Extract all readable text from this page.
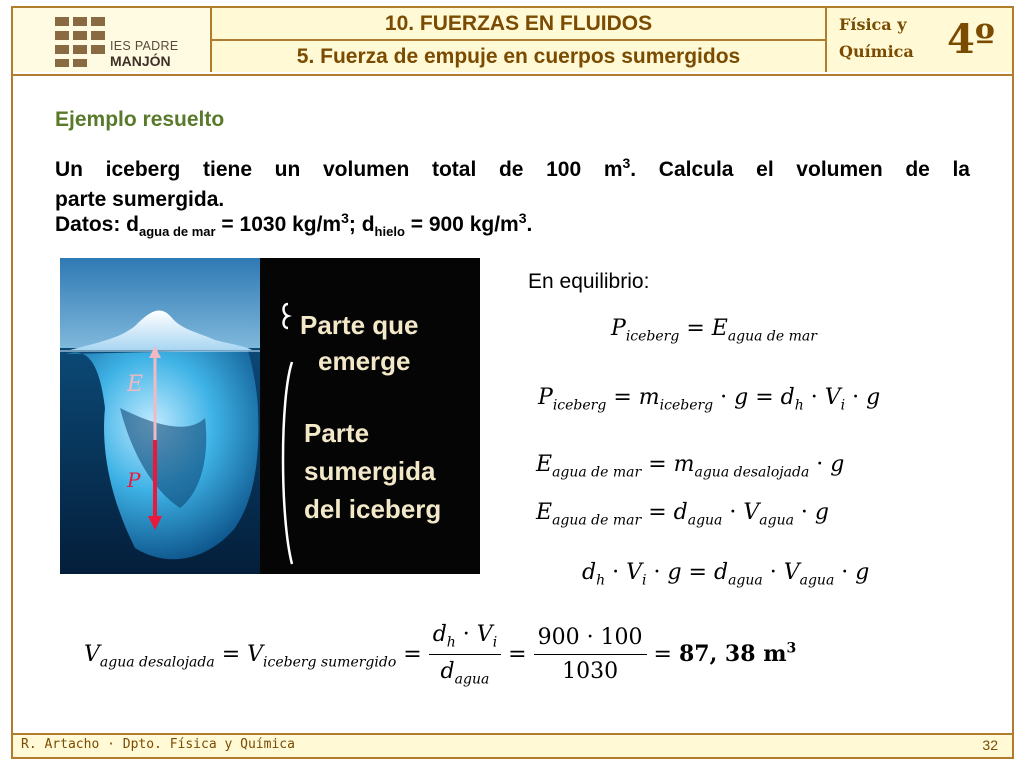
IES PADRE
MANJÓN
10. FUERZAS EN FLUIDOS
5. Fuerza de empuje en cuerpos sumergidos
Física y
Química 4º
Ejemplo resuelto
Un iceberg tiene un volumen total de 100 $m^3$. Calcula el volumen de la
parte sumergida.
Datos: $d_{agua de mar} = 1030$ $kg/m^3$; $d_{hielo} = 900$ $kg/m^3$.
E
P
Parte que
emerge
Parte
sumergida
del iceberg
En equilibrio:
$P_{iceberg} = E_{agua de mar}$
$P_{iceberg} = m_{iceberg} \cdot g = d_h \cdot V_i \cdot g$
$E_{agua de mar} = m_{agua desalojada} \cdot g$
$E_{agua de mar} = d_{agua} \cdot V_{agua} \cdot g$
$d_h \cdot V_i \cdot g = d_{agua} \cdot V_{agua} \cdot g$
$V_{agua desalojada} = V_{iceberg sumergido} = \frac{d_h \cdot V_i}{d_{agua}} = \frac{900 \cdot 100}{1030} = 87$, 38 $m^3$
R. Artacho · Dpto. Física y Química	32
